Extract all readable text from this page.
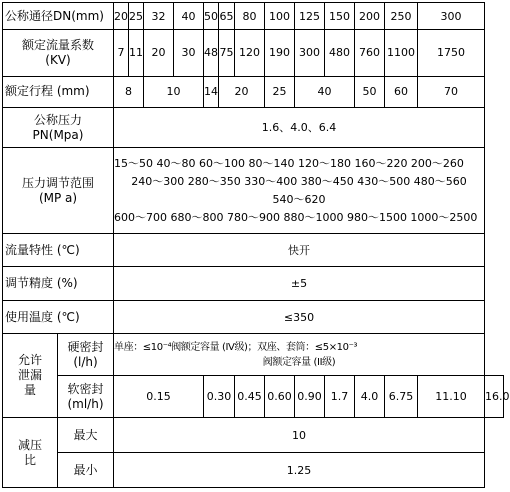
公称通径DN(mm)		20	25	32	40	50	65	80	100	125	150	200	250	300	

额定流量系数
(KV)		7	11	20	30	48	75	120	190	300	480	760	1100	1750	
额定行程 (mm)		8		10		14	20		25	40		50	60	70	

公称压力
PN(Mpa)		1.6、4.0、6.4													

压力调节范围
(MP a)		15～50 40～80 60～100 80～140 120～180 160～220 200～260
240～300 280～350 330～400 380～450 430～500 480～560
540～620
600～700 680～800 780～900 880～1000 980～1500 1000～2500													

流量特性 (℃)		快开													
调节精度 (%)		±5													
使用温度 (℃)		≤350													
允许泄漏量	硬密封
(l/h)	单座：≤10⁻⁴阀额定容量 (IV级)；双座、套筒：≤5×10⁻³
阀额定容量 (II级)													

	软密封
(ml/h)	0.15				0.30		0.45	0.60	0.90	1.7	4.0	6.75	11.10	16.0
减压比	最大	10													
	最小	1.25													
